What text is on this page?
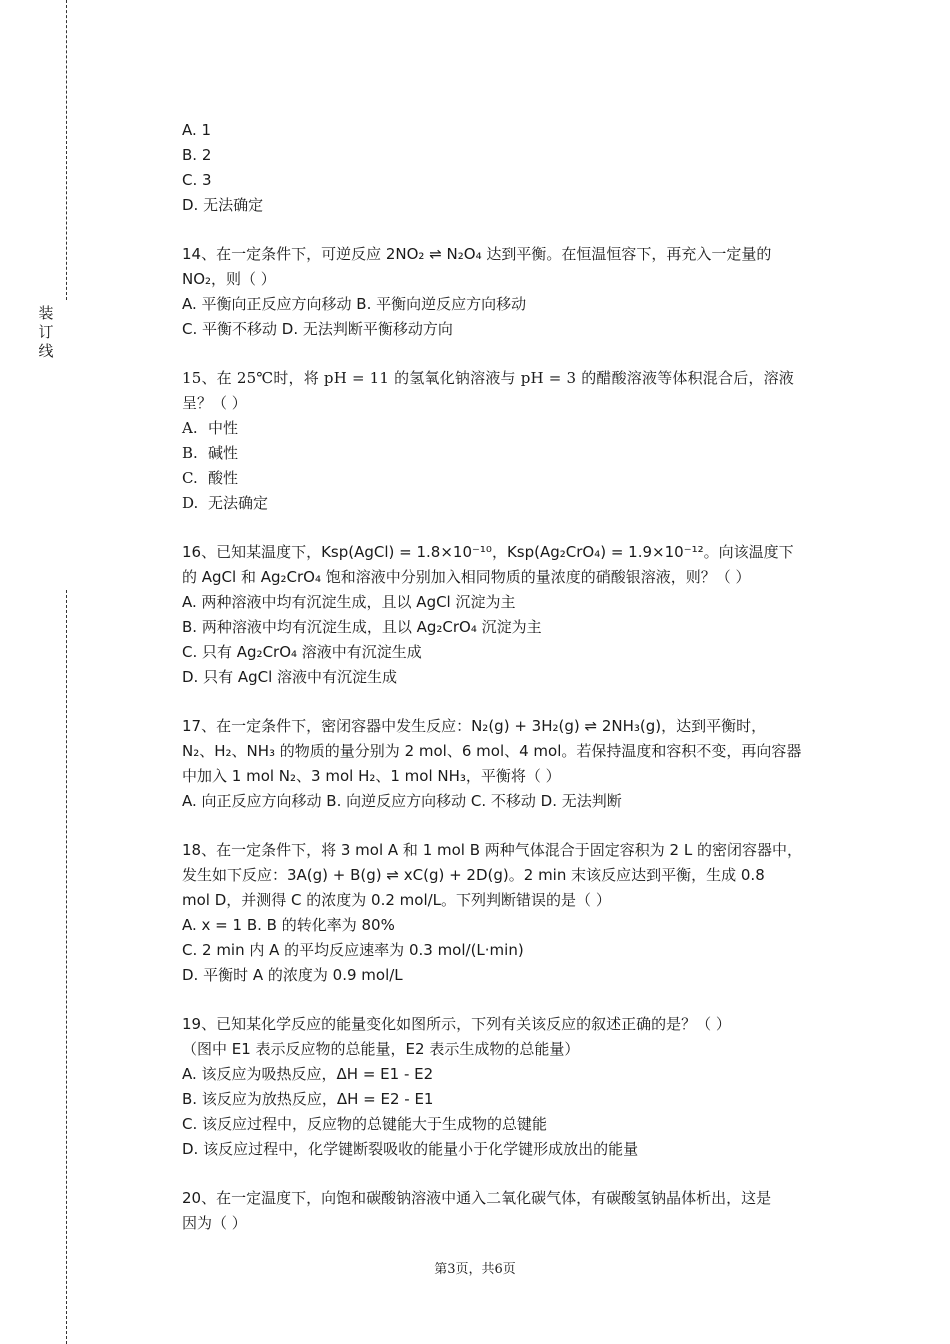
装
订
线
A. 1
B. 2
C. 3
D. 无法确定
14、在一定条件下，可逆反应 2NO₂ ⇌ N₂O₄ 达到平衡。在恒温恒容下，再充入一定量的
NO₂，则（ ）
A. 平衡向正反应方向移动 B. 平衡向逆反应方向移动
C. 平衡不移动 D. 无法判断平衡移动方向
15、在 25℃时，将 pH = 11 的氢氧化钠溶液与 pH = 3 的醋酸溶液等体积混合后，溶液
呈？（ ）
A. 中性
B. 碱性
C. 酸性
D. 无法确定
16、已知某温度下，Ksp(AgCl) = 1.8×10⁻¹⁰，Ksp(Ag₂CrO₄) = 1.9×10⁻¹²。向该温度下
的 AgCl 和 Ag₂CrO₄ 饱和溶液中分别加入相同物质的量浓度的硝酸银溶液，则？（ ）
A. 两种溶液中均有沉淀生成，且以 AgCl 沉淀为主
B. 两种溶液中均有沉淀生成，且以 Ag₂CrO₄ 沉淀为主
C. 只有 Ag₂CrO₄ 溶液中有沉淀生成
D. 只有 AgCl 溶液中有沉淀生成
17、在一定条件下，密闭容器中发生反应：N₂(g) + 3H₂(g) ⇌ 2NH₃(g)，达到平衡时，
N₂、H₂、NH₃ 的物质的量分别为 2 mol、6 mol、4 mol。若保持温度和容积不变，再向容器
中加入 1 mol N₂、3 mol H₂、1 mol NH₃，平衡将（ ）
A. 向正反应方向移动 B. 向逆反应方向移动 C. 不移动 D. 无法判断
18、在一定条件下，将 3 mol A 和 1 mol B 两种气体混合于固定容积为 2 L 的密闭容器中，
发生如下反应：3A(g) + B(g) ⇌ xC(g) + 2D(g)。2 min 末该反应达到平衡，生成 0.8
mol D，并测得 C 的浓度为 0.2 mol/L。下列判断错误的是（ ）
A. x = 1 B. B 的转化率为 80%
C. 2 min 内 A 的平均反应速率为 0.3 mol/(L·min)
D. 平衡时 A 的浓度为 0.9 mol/L
19、已知某化学反应的能量变化如图所示，下列有关该反应的叙述正确的是？（ ）
（图中 E1 表示反应物的总能量，E2 表示生成物的总能量）
A. 该反应为吸热反应，ΔH = E1 - E2
B. 该反应为放热反应，ΔH = E2 - E1
C. 该反应过程中，反应物的总键能大于生成物的总键能
D. 该反应过程中，化学键断裂吸收的能量小于化学键形成放出的能量
20、在一定温度下，向饱和碳酸钠溶液中通入二氧化碳气体，有碳酸氢钠晶体析出，这是
因为（ ）
第3页，共6页
